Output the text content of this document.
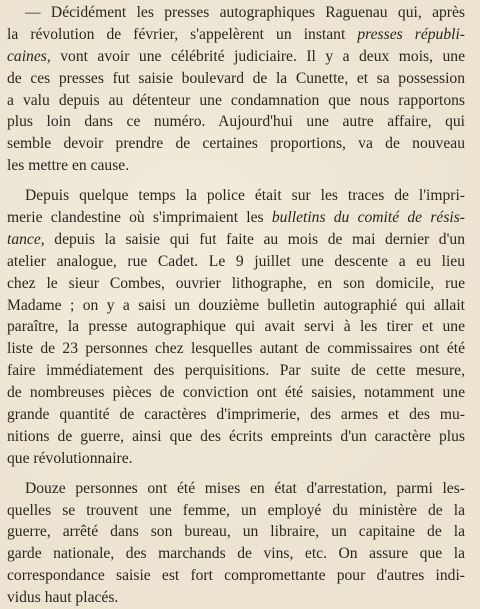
— Décidément les presses autographiques Raguenau qui, après
la révolution de février, s'appelèrent un instant presses républi-
caines, vont avoir une célébrité judiciaire. Il y a deux mois, une
de ces presses fut saisie boulevard de la Cunette, et sa possession
a valu depuis au détenteur une condamnation que nous rapportons
plus loin dans ce numéro. Aujourd'hui une autre affaire, qui
semble devoir prendre de certaines proportions, va de nouveau
les mettre en cause.
Depuis quelque temps la police était sur les traces de l'impri-
merie clandestine où s'imprimaient les bulletins du comité de résis-
tance, depuis la saisie qui fut faite au mois de mai dernier d'un
atelier analogue, rue Cadet. Le 9 juillet une descente a eu lieu
chez le sieur Combes, ouvrier lithographe, en son domicile, rue
Madame ; on y a saisi un douzième bulletin autographié qui allait
paraître, la presse autographique qui avait servi à les tirer et une
liste de 23 personnes chez lesquelles autant de commissaires ont été
faire immédiatement des perquisitions. Par suite de cette mesure,
de nombreuses pièces de conviction ont été saisies, notamment une
grande quantité de caractères d'imprimerie, des armes et des mu-
nitions de guerre, ainsi que des écrits empreints d'un caractère plus
que révolutionnaire.
Douze personnes ont été mises en état d'arrestation, parmi les-
quelles se trouvent une femme, un employé du ministère de la
guerre, arrêté dans son bureau, un libraire, un capitaine de la
garde nationale, des marchands de vins, etc. On assure que la
correspondance saisie est fort compromettante pour d'autres indi-
vidus haut placés.
